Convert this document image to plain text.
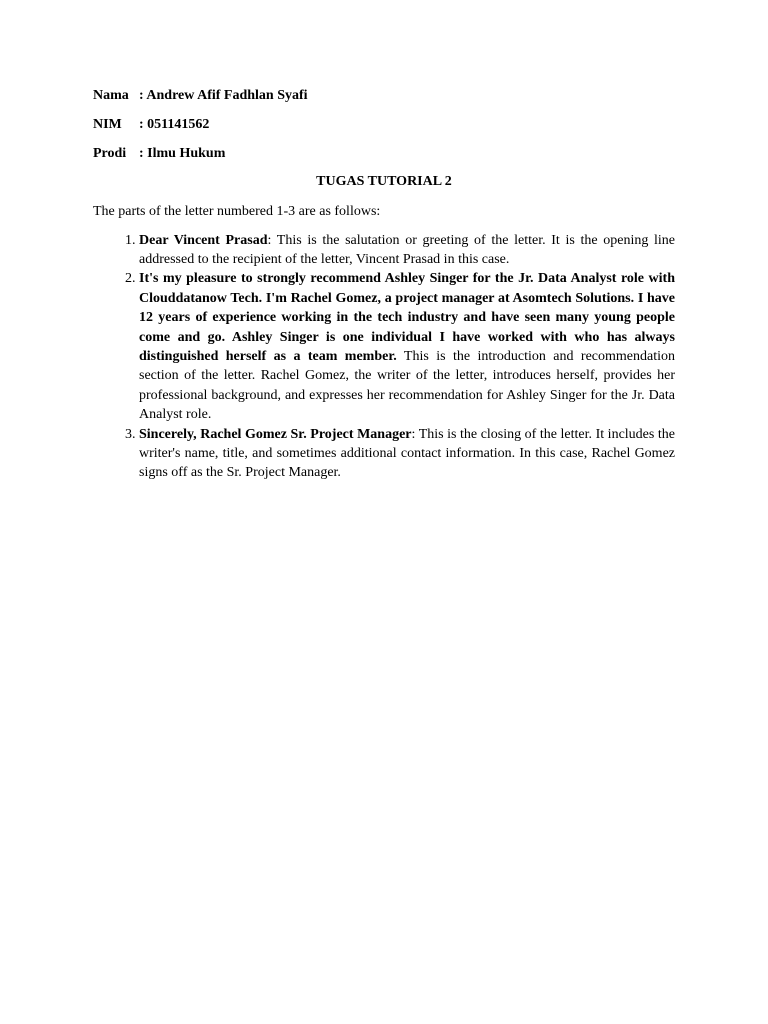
Nama : Andrew Afif Fadhlan Syafi
NIM	: 051141562
Prodi : Ilmu Hukum
TUGAS TUTORIAL 2

The parts of the letter numbered 1-3 are as follows:

1. Dear Vincent Prasad: This is the salutation or greeting of the letter. It is the opening line addressed to the recipient of the letter, Vincent Prasad in this case.
2. It's my pleasure to strongly recommend Ashley Singer for the Jr. Data Analyst role with Clouddatanow Tech. I'm Rachel Gomez, a project manager at Asomtech Solutions. I have 12 years of experience working in the tech industry and have seen many young people come and go. Ashley Singer is one individual I have worked with who has always distinguished herself as a team member. This is the introduction and recommendation section of the letter. Rachel Gomez, the writer of the letter, introduces herself, provides her professional background, and expresses her recommendation for Ashley Singer for the Jr. Data Analyst role.
3. Sincerely, Rachel Gomez Sr. Project Manager: This is the closing of the letter. It includes the writer's name, title, and sometimes additional contact information. In this case, Rachel Gomez signs off as the Sr. Project Manager.
